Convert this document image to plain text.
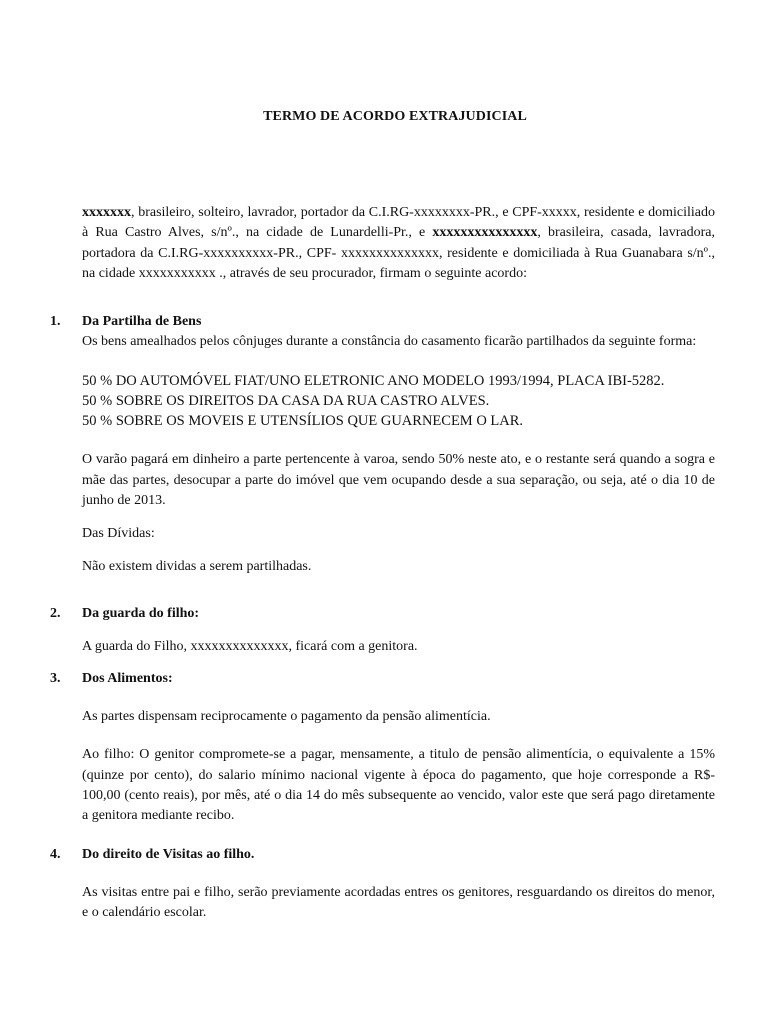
TERMO DE ACORDO EXTRAJUDICIAL
xxxxxxx, brasileiro, solteiro, lavrador, portador da C.I.RG-xxxxxxxx-PR., e CPF-xxxxx, residente e domiciliado à Rua Castro Alves, s/nº., na cidade de Lunardelli-Pr., e xxxxxxxxxxxxxxx, brasileira, casada, lavradora, portadora da C.I.RG-xxxxxxxxxx-PR., CPF- xxxxxxxxxxxxxx, residente e domiciliada à Rua Guanabara s/nº., na cidade xxxxxxxxxxx ., através de seu procurador, firmam o seguinte acordo:
1.	Da Partilha de Bens
Os bens amealhados pelos cônjuges durante a constância do casamento ficarão partilhados da seguinte forma:
50 % DO AUTOMÓVEL FIAT/UNO ELETRONIC ANO MODELO 1993/1994, PLACA IBI-5282.
50 % SOBRE OS DIREITOS DA CASA DA RUA CASTRO ALVES.
50 % SOBRE OS MOVEIS E UTENSÍLIOS QUE GUARNECEM O LAR.
O varão pagará em dinheiro a parte pertencente à varoa, sendo 50% neste ato, e o restante será quando a sogra e mãe das partes, desocupar a parte do imóvel que vem ocupando desde a sua separação, ou seja, até o dia 10 de junho de 2013.
Das Dívidas:
Não existem dividas a serem partilhadas.
2.	Da guarda do filho:
A guarda do Filho, xxxxxxxxxxxxxx, ficará com a genitora.
3.	Dos Alimentos:
As partes dispensam reciprocamente o pagamento da pensão alimentícia.
Ao filho: O genitor compromete-se a pagar, mensamente, a titulo de pensão alimentícia, o equivalente a 15% (quinze por cento), do salario mínimo nacional vigente à época do pagamento, que hoje corresponde a R$- 100,00 (cento reais), por mês, até o dia 14 do mês subsequente ao vencido, valor este que será pago diretamente a genitora mediante recibo.
4.	Do direito de Visitas ao filho.
As visitas entre pai e filho, serão previamente acordadas entres os genitores, resguardando os direitos do menor, e o calendário escolar.
